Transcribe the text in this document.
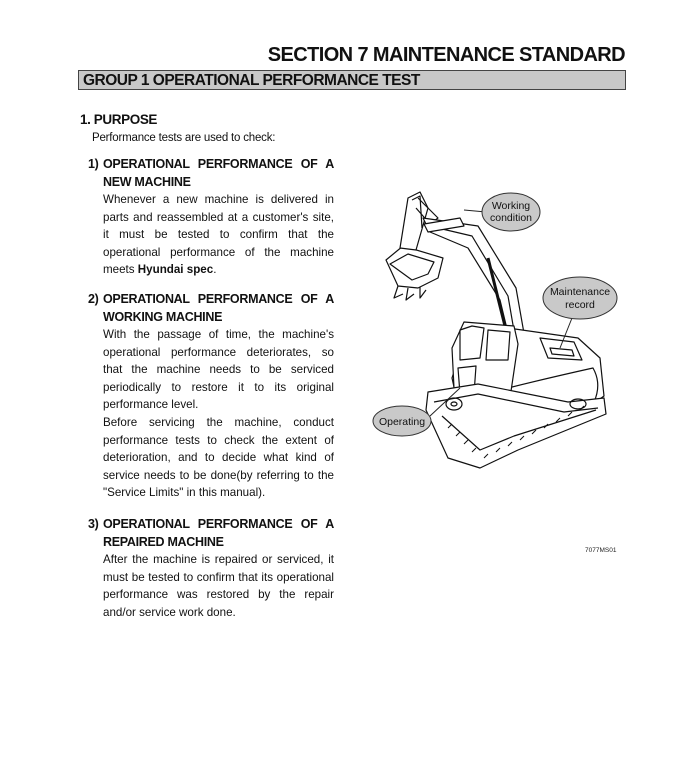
SECTION 7 MAINTENANCE STANDARD
GROUP 1 OPERATIONAL PERFORMANCE TEST
1. PURPOSE
Performance tests are used to check:
1) OPERATIONAL PERFORMANCE OF A NEW MACHINE
Whenever a new machine is delivered in parts and reassembled at a customer's site, it must be tested to confirm that the operational performance of the machine meets Hyundai spec.
2) OPERATIONAL PERFORMANCE OF A WORKING MACHINE
With the passage of time, the machine's operational performance deteriorates, so that the machine needs to be serviced periodically to restore it to its original performance level.
Before servicing the machine, conduct performance tests to check the extent of deterioration, and to decide what kind of service needs to be done(by referring to the "Service Limits" in this manual).
3) OPERATIONAL PERFORMANCE OF A REPAIRED MACHINE
After the machine is repaired or serviced, it must be tested to confirm that its operational performance was restored by the repair and/or service work done.
Working
condition
Maintenance
record
Operating
7077MS01
